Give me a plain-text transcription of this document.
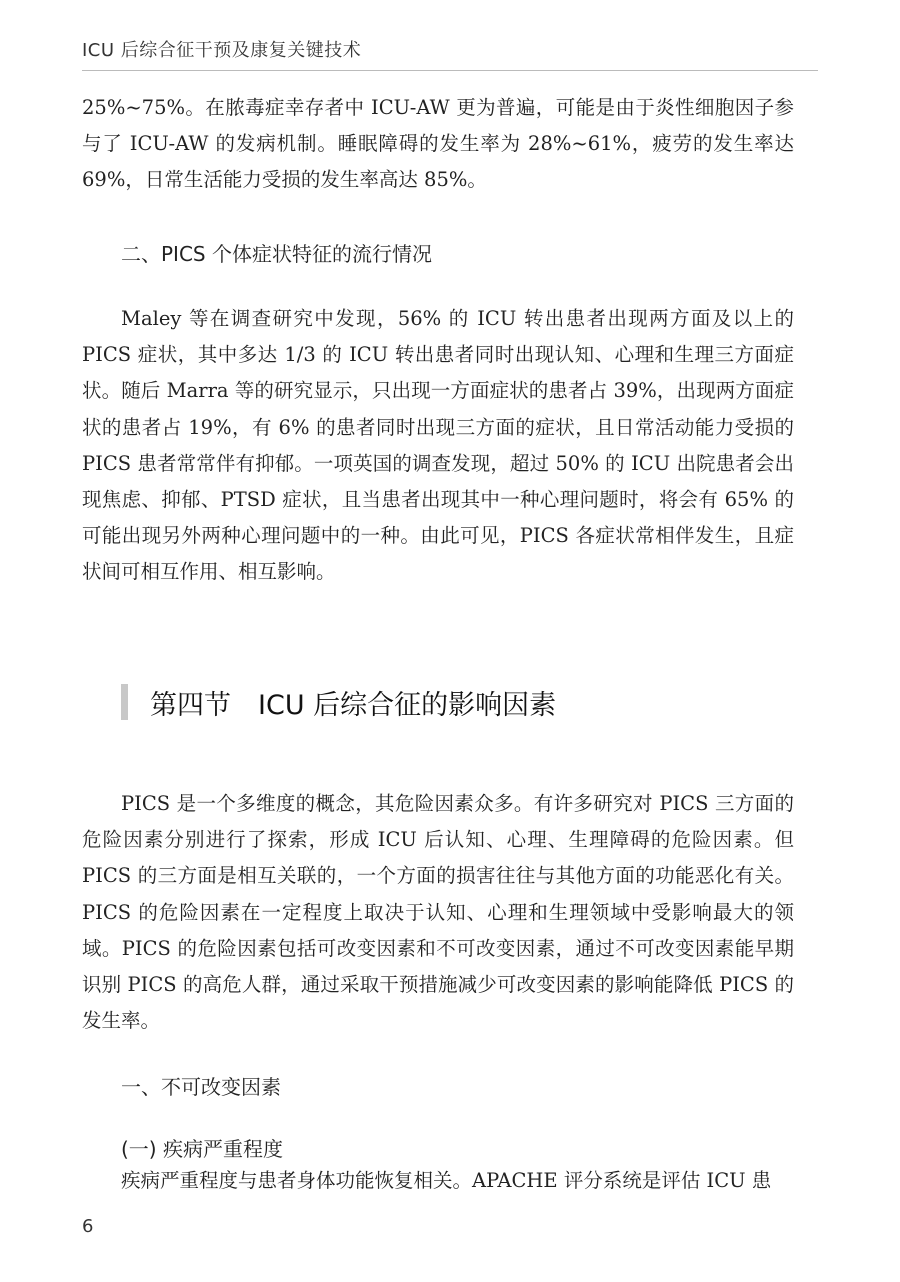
ICU 后综合征干预及康复关键技术

25%~75%。在脓毒症幸存者中 ICU-AW 更为普遍，可能是由于炎性细胞因子参与了 ICU-AW 的发病机制。睡眠障碍的发生率为 28%~61%，疲劳的发生率达 69%，日常生活能力受损的发生率高达 85%。

二、PICS 个体症状特征的流行情况

Maley 等在调查研究中发现，56% 的 ICU 转出患者出现两方面及以上的 PICS 症状，其中多达 1/3 的 ICU 转出患者同时出现认知、心理和生理三方面症状。随后 Marra 等的研究显示，只出现一方面症状的患者占 39%，出现两方面症状的患者占 19%，有 6% 的患者同时出现三方面的症状，且日常活动能力受损的 PICS 患者常常伴有抑郁。一项英国的调查发现，超过 50% 的 ICU 出院患者会出现焦虑、抑郁、PTSD 症状，且当患者出现其中一种心理问题时，将会有 65% 的可能出现另外两种心理问题中的一种。由此可见，PICS 各症状常相伴发生，且症状间可相互作用、相互影响。

第四节　ICU 后综合征的影响因素

PICS 是一个多维度的概念，其危险因素众多。有许多研究对 PICS 三方面的危险因素分别进行了探索，形成 ICU 后认知、心理、生理障碍的危险因素。但 PICS 的三方面是相互关联的，一个方面的损害往往与其他方面的功能恶化有关。PICS 的危险因素在一定程度上取决于认知、心理和生理领域中受影响最大的领域。PICS 的危险因素包括可改变因素和不可改变因素，通过不可改变因素能早期识别 PICS 的高危人群，通过采取干预措施减少可改变因素的影响能降低 PICS 的发生率。

一、不可改变因素
(一) 疾病严重程度

疾病严重程度与患者身体功能恢复相关。APACHE 评分系统是评估 ICU 患

6
